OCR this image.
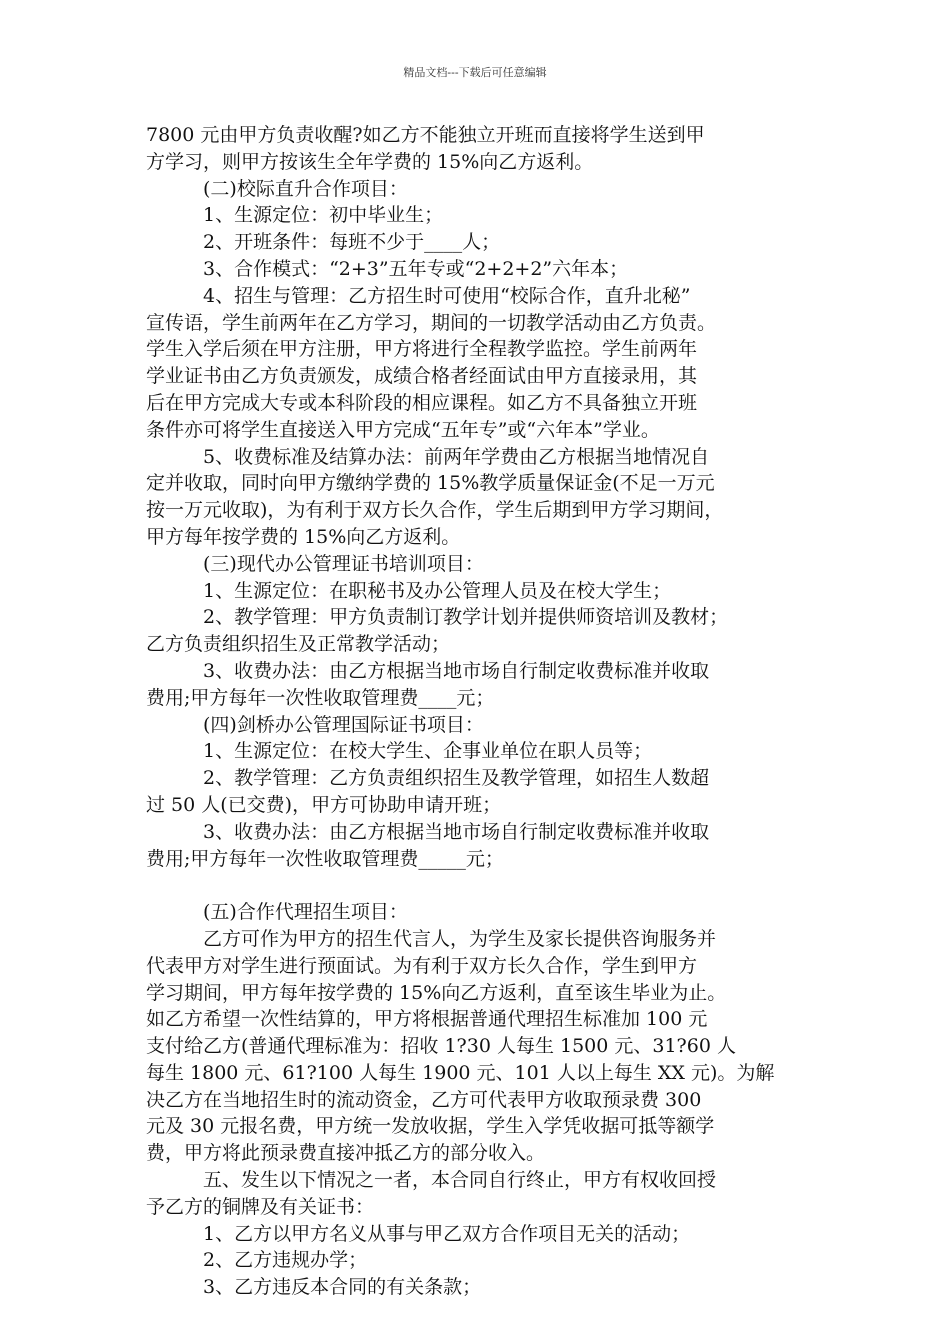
精品文档---下载后可任意编辑
7800 元由甲方负责收醒?如乙方不能独立开班而直接将学生送到甲
方学习，则甲方按该生全年学费的 15%向乙方返利。
(二)校际直升合作项目：
1、生源定位：初中毕业生；
2、开班条件：每班不少于____人；
3、合作模式：“2+3”五年专或“2+2+2”六年本；
4、招生与管理：乙方招生时可使用“校际合作，直升北秘”
宣传语，学生前两年在乙方学习，期间的一切教学活动由乙方负责。
学生入学后须在甲方注册，甲方将进行全程教学监控。学生前两年
学业证书由乙方负责颁发，成绩合格者经面试由甲方直接录用，其
后在甲方完成大专或本科阶段的相应课程。如乙方不具备独立开班
条件亦可将学生直接送入甲方完成“五年专”或“六年本”学业。
5、收费标准及结算办法：前两年学费由乙方根据当地情况自
定并收取，同时向甲方缴纳学费的 15%教学质量保证金(不足一万元
按一万元收取)，为有利于双方长久合作，学生后期到甲方学习期间，
甲方每年按学费的 15%向乙方返利。
(三)现代办公管理证书培训项目：
1、生源定位：在职秘书及办公管理人员及在校大学生；
2、教学管理：甲方负责制订教学计划并提供师资培训及教材；
乙方负责组织招生及正常教学活动；
3、收费办法：由乙方根据当地市场自行制定收费标准并收取
费用;甲方每年一次性收取管理费____元；
(四)剑桥办公管理国际证书项目：
1、生源定位：在校大学生、企事业单位在职人员等；
2、教学管理：乙方负责组织招生及教学管理，如招生人数超
过 50 人(已交费)，甲方可协助申请开班；
3、收费办法：由乙方根据当地市场自行制定收费标准并收取
费用;甲方每年一次性收取管理费_____元；
(五)合作代理招生项目：
乙方可作为甲方的招生代言人，为学生及家长提供咨询服务并
代表甲方对学生进行预面试。为有利于双方长久合作，学生到甲方
学习期间，甲方每年按学费的 15%向乙方返利，直至该生毕业为止。
如乙方希望一次性结算的，甲方将根据普通代理招生标准加 100 元
支付给乙方(普通代理标准为：招收 1?30 人每生 1500 元、31?60 人
每生 1800 元、61?100 人每生 1900 元、101 人以上每生 XX 元)。为解
决乙方在当地招生时的流动资金，乙方可代表甲方收取预录费 300
元及 30 元报名费，甲方统一发放收据，学生入学凭收据可抵等额学
费，甲方将此预录费直接冲抵乙方的部分收入。
五、发生以下情况之一者，本合同自行终止，甲方有权收回授
予乙方的铜牌及有关证书：
1、乙方以甲方名义从事与甲乙双方合作项目无关的活动；
2、乙方违规办学；
3、乙方违反本合同的有关条款；
